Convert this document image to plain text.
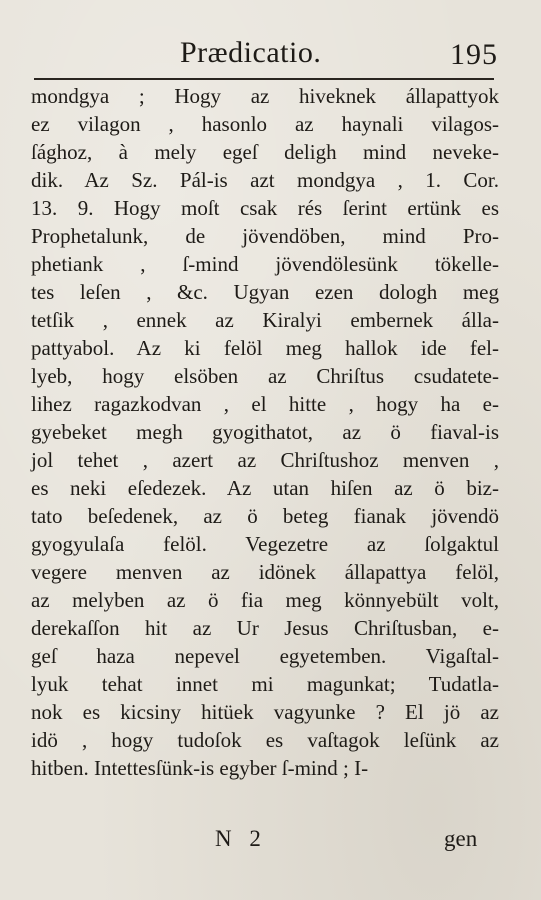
Prædicatio.	195
mondgya ; Hogy az hiveknek állapattyok
ez vilagon , hasonlo az haynali vilagos-
ſághoz, à mely egeſ deligh mind neveke-
dik. Az Sz. Pál-is azt mondgya , 1. Cor.
13. 9. Hogy moſt csak rés ſerint ertünk es
Prophetalunk, de jövendöben, mind Pro-
phetiank , ſ-mind jövendölesünk tökelle-
tes leſen , &c. Ugyan ezen dologh meg
tetſik , ennek az Kiralyi embernek álla-
pattyabol. Az ki felöl meg hallok ide fel-
lyeb, hogy elsöben az Chriſtus csudatete-
lihez ragazkodvan , el hitte , hogy ha e-
gyebeket megh gyogithatot, az ö fiaval-is
jol tehet , azert az Chriſtushoz menven ,
es neki eſedezek. Az utan hiſen az ö biz-
tato beſedenek, az ö beteg fianak jövendö
gyogyulaſa felöl. Vegezetre az ſolgaktul
vegere menven az idönek állapattya felöl,
az melyben az ö fia meg könnyebült volt,
derekaſſon hit az Ur Jesus Chriſtusban, e-
geſ haza nepevel egyetemben. Vigaſtal-
lyuk tehat innet mi magunkat; Tudatla-
nok es kicsiny hitüek vagyunke ? El jö az
idö , hogy tudoſok es vaſtagok leſünk az
hitben. Intettesſünk-is egyber ſ-mind ; I-
N 2	gen
